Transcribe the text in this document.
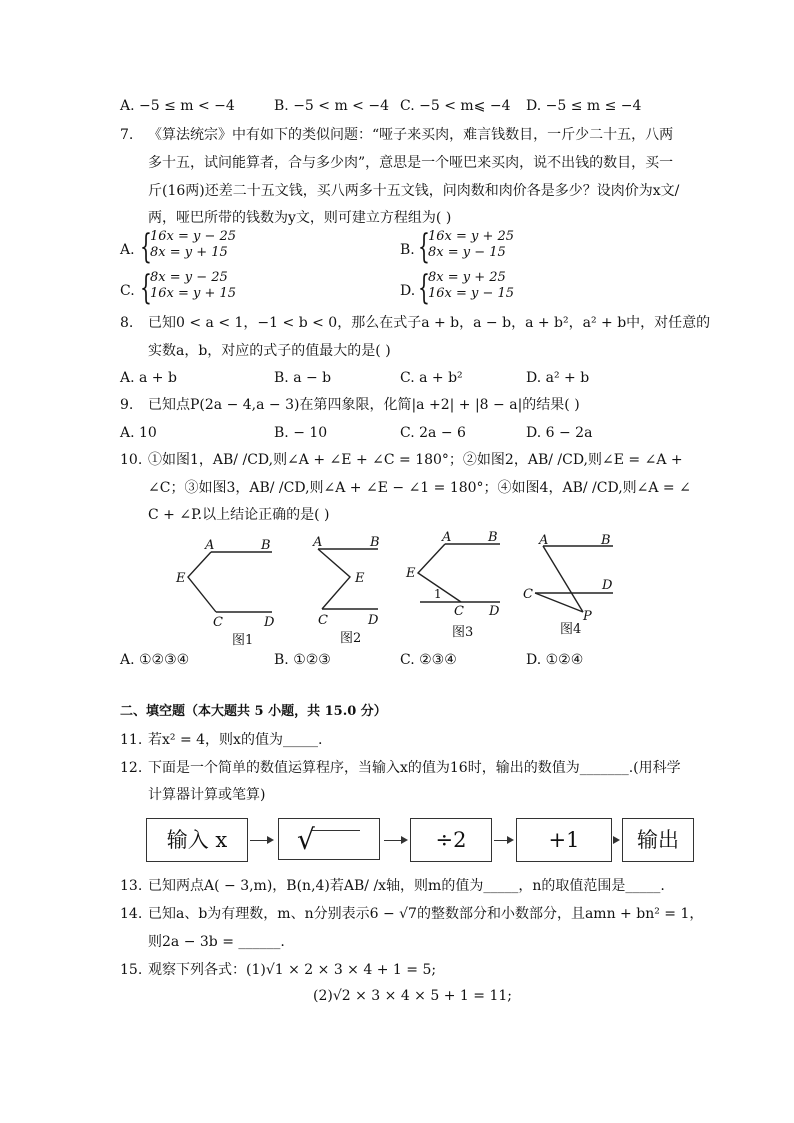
A. −5 ≤ m < −4	B. −5 < m < −4 C. −5 < m⩽ −4 D. −5 ≤ m ≤ −4
7. 《算法统宗》中有如下的类似问题：“哑子来买肉，难言钱数目，一斤少二十五，八两
多十五，试问能算者，合与多少肉”，意思是一个哑巴来买肉，说不出钱的数目，买一
斤(16两)还差二十五文钱，买八两多十五文钱，问肉数和肉价各是多少？设肉价为x文/
两，哑巴所带的钱数为y文，则可建立方程组为( )
A. {
16x = y − 25
8x = y + 15	B. {
16x = y + 25
8x = y − 15
C. {
8x = y − 25
16x = y + 15	D. {
8x = y + 25
16x = y − 15
8. 已知0 < a < 1，−1 < b < 0，那么在式子a + b，a − b，a + b²，a² + b中，对任意的
实数a，b，对应的式子的值最大的是( )
A. a + b	B. a − b	C. a + b²	D. a² + b
9. 已知点P(2a − 4,a − 3)在第四象限，化简|a +2| + |8 − a|的结果( )
A. 10	B. − 10	C. 2a − 6	D. 6 − 2a
10. ①如图1，AB/ /CD,则∠A + ∠E + ∠C = 180°；②如图2，AB/ /CD,则∠E = ∠A +
∠C；③如图3，AB/ /CD,则∠A + ∠E − ∠1 = 180°；④如图4，AB/ /CD,则∠A = ∠
C + ∠P.以上结论正确的是( )
A	B
E
C	D
A	B
E
C	D
A	B
E
1
C D
A	B
C
D
P
图1	图2	图3	图4
A. ①②③④	B. ①②③	C. ②③④	D. ①②④
二、填空题（本大题共 5 小题，共 15.0 分）
11. 若x² = 4，则x的值为_____.
12. 下面是一个简单的数值运算程序，当输入x的值为16时，输出的数值为_______.(用科学
计算器计算或笔算)
输入 x	√	÷2	+1	输出
13. 已知两点A( − 3,m)，B(n,4)若AB/ /x轴，则m的值为_____，n的取值范围是_____.
14. 已知a、b为有理数，m、n分别表示6 − √7的整数部分和小数部分，且amn + bn² = 1，
则2a − 3b = ______.
15. 观察下列各式：(1)√1 × 2 × 3 × 4 + 1 = 5;
(2)√2 × 3 × 4 × 5 + 1 = 11;
